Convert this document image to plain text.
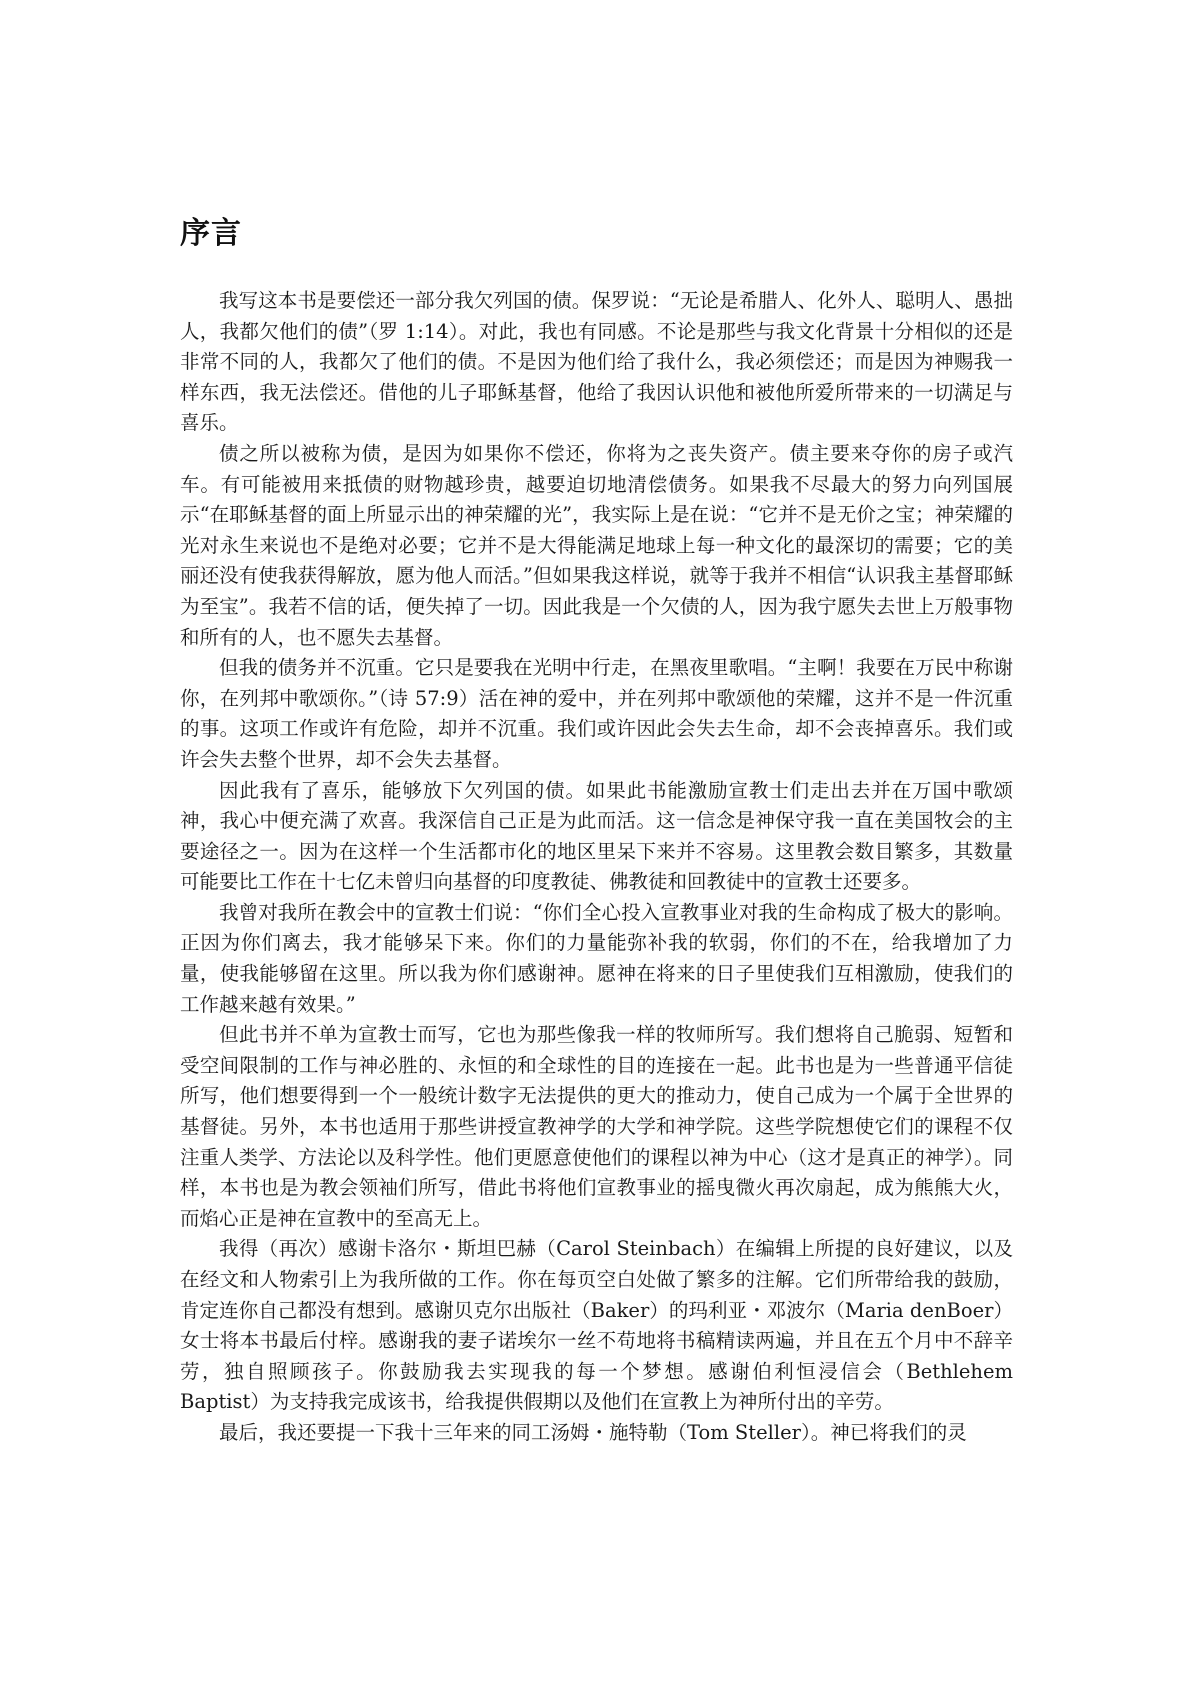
序言

我写这本书是要偿还一部分我欠列国的债。保罗说：“无论是希腊人、化外人、聪明人、愚拙人，我都欠他们的债”（罗 1:14）。对此，我也有同感。不论是那些与我文化背景十分相似的还是非常不同的人，我都欠了他们的债。不是因为他们给了我什么，我必须偿还；而是因为神赐我一样东西，我无法偿还。借他的儿子耶稣基督，他给了我因认识他和被他所爱所带来的一切满足与喜乐。

债之所以被称为债，是因为如果你不偿还，你将为之丧失资产。债主要来夺你的房子或汽车。有可能被用来抵债的财物越珍贵，越要迫切地清偿债务。如果我不尽最大的努力向列国展示“在耶稣基督的面上所显示出的神荣耀的光”，我实际上是在说：“它并不是无价之宝；神荣耀的光对永生来说也不是绝对必要；它并不是大得能满足地球上每一种文化的最深切的需要；它的美丽还没有使我获得解放，愿为他人而活。”但如果我这样说，就等于我并不相信“认识我主基督耶稣为至宝”。我若不信的话，便失掉了一切。因此我是一个欠债的人，因为我宁愿失去世上万般事物和所有的人，也不愿失去基督。

但我的债务并不沉重。它只是要我在光明中行走，在黑夜里歌唱。“主啊！我要在万民中称谢你，在列邦中歌颂你。”（诗 57:9）活在神的爱中，并在列邦中歌颂他的荣耀，这并不是一件沉重的事。这项工作或许有危险，却并不沉重。我们或许因此会失去生命，却不会丧掉喜乐。我们或许会失去整个世界，却不会失去基督。

因此我有了喜乐，能够放下欠列国的债。如果此书能激励宣教士们走出去并在万国中歌颂神，我心中便充满了欢喜。我深信自己正是为此而活。这一信念是神保守我一直在美国牧会的主要途径之一。因为在这样一个生活都市化的地区里呆下来并不容易。这里教会数目繁多，其数量可能要比工作在十七亿未曾归向基督的印度教徒、佛教徒和回教徒中的宣教士还要多。

我曾对我所在教会中的宣教士们说：“你们全心投入宣教事业对我的生命构成了极大的影响。正因为你们离去，我才能够呆下来。你们的力量能弥补我的软弱，你们的不在，给我增加了力量，使我能够留在这里。所以我为你们感谢神。愿神在将来的日子里使我们互相激励，使我们的工作越来越有效果。”

但此书并不单为宣教士而写，它也为那些像我一样的牧师所写。我们想将自己脆弱、短暂和受空间限制的工作与神必胜的、永恒的和全球性的目的连接在一起。此书也是为一些普通平信徒所写，他们想要得到一个一般统计数字无法提供的更大的推动力，使自己成为一个属于全世界的基督徒。另外，本书也适用于那些讲授宣教神学的大学和神学院。这些学院想使它们的课程不仅注重人类学、方法论以及科学性。他们更愿意使他们的课程以神为中心（这才是真正的神学）。同样，本书也是为教会领袖们所写，借此书将他们宣教事业的摇曳微火再次扇起，成为熊熊大火，而焰心正是神在宣教中的至高无上。

我得（再次）感谢卡洛尔・斯坦巴赫（Carol Steinbach）在编辑上所提的良好建议，以及在经文和人物索引上为我所做的工作。你在每页空白处做了繁多的注解。它们所带给我的鼓励，肯定连你自己都没有想到。感谢贝克尔出版社（Baker）的玛利亚・邓波尔（Maria denBoer）女士将本书最后付梓。感谢我的妻子诺埃尔一丝不苟地将书稿精读两遍，并且在五个月中不辞辛劳，独自照顾孩子。你鼓励我去实现我的每一个梦想。感谢伯利恒浸信会（Bethlehem Baptist）为支持我完成该书，给我提供假期以及他们在宣教上为神所付出的辛劳。

最后，我还要提一下我十三年来的同工汤姆・施特勒（Tom Steller）。神已将我们的灵
